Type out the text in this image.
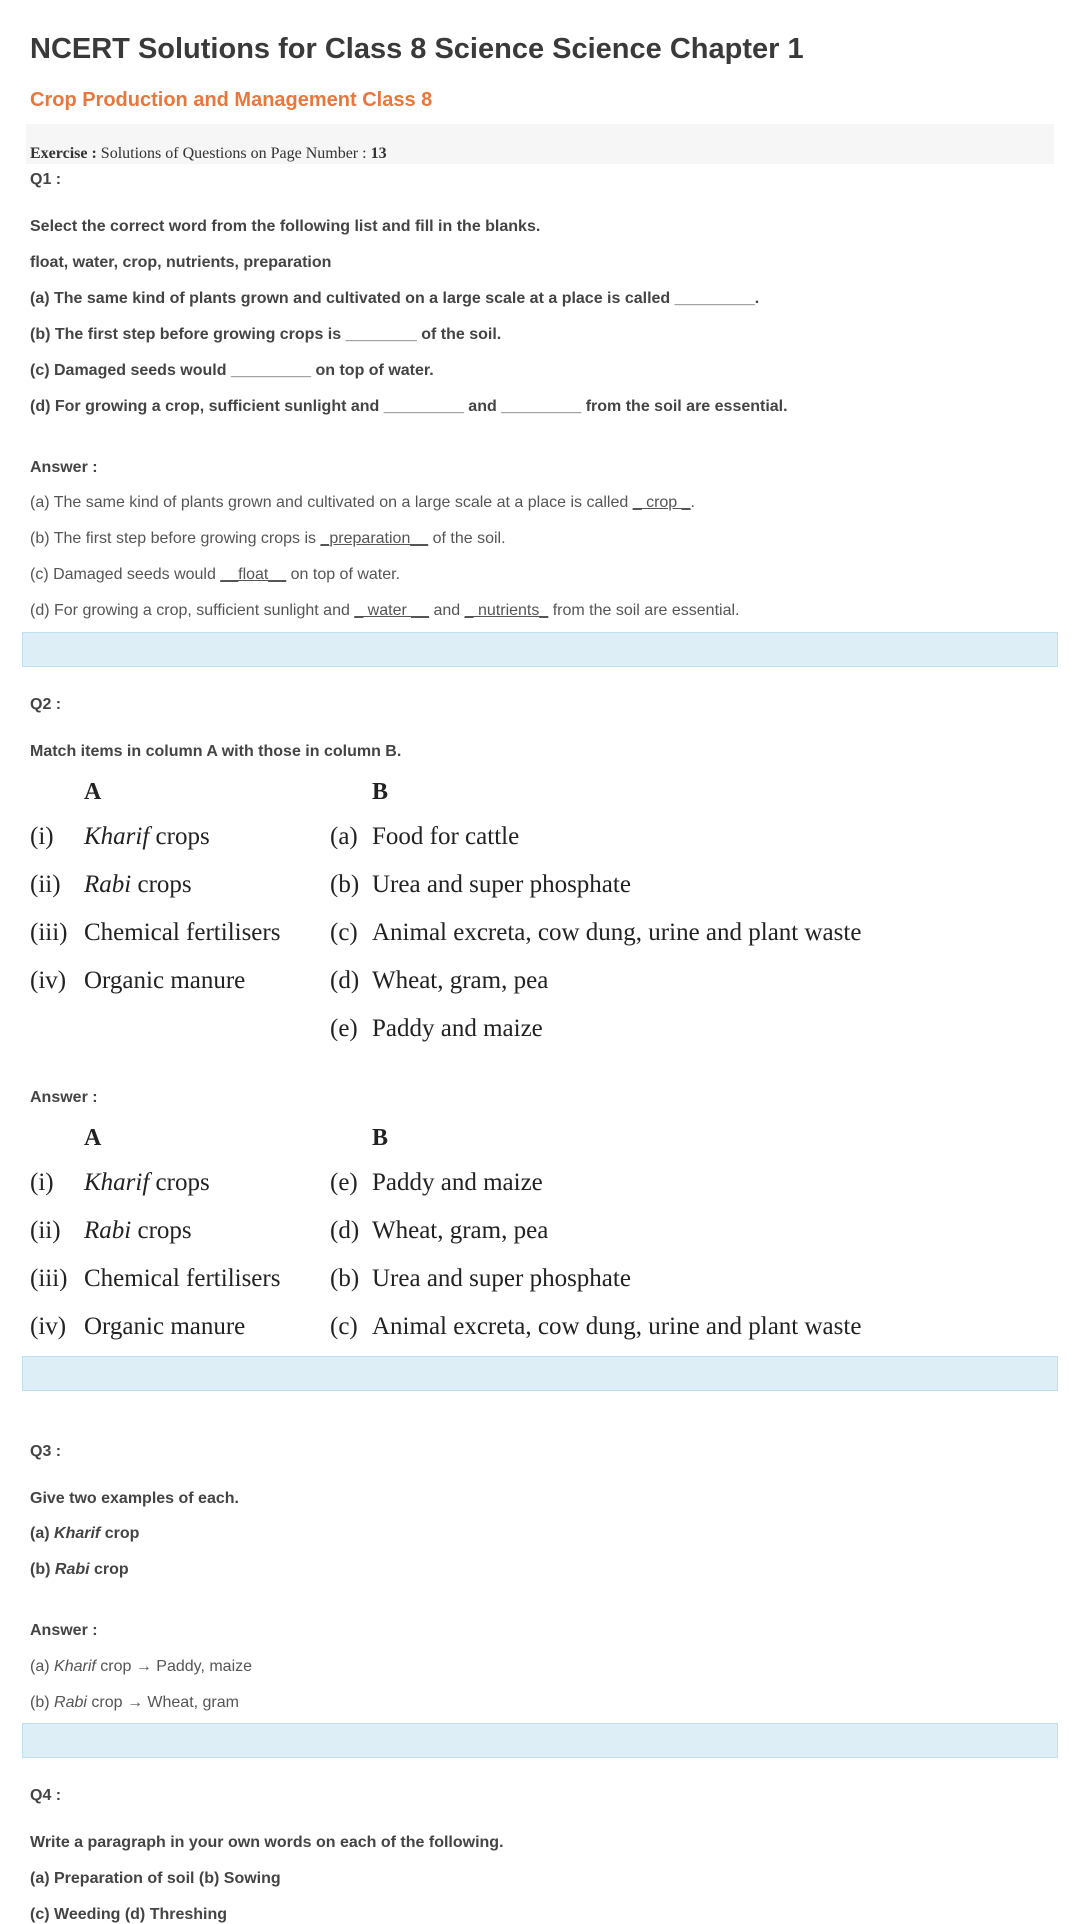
NCERT Solutions for Class 8 Science Science Chapter 1
Crop Production and Management Class 8
Exercise : Solutions of Questions on Page Number : 13
Q1 :
Select the correct word from the following list and fill in the blanks.
float, water, crop, nutrients, preparation
(a) The same kind of plants grown and cultivated on a large scale at a place is called _________.
(b) The first step before growing crops is ________ of the soil.
(c) Damaged seeds would _________ on top of water.
(d) For growing a crop, sufficient sunlight and _________ and _________ from the soil are essential.
Answer :
(a) The same kind of plants grown and cultivated on a large scale at a place is called _ crop _.
(b) The first step before growing crops is _preparation__ of the soil.
(c) Damaged seeds would __float__ on top of water.
(d) For growing a crop, sufficient sunlight and _ water __ and _ nutrients_ from the soil are essential.
Q2 :
Match items in column A with those in column B.
A	B
(i) Kharif crops	(a) Food for cattle
(ii) Rabi crops	(b) Urea and super phosphate
(iii) Chemical fertilisers (c) Animal excreta, cow dung, urine and plant waste
(iv) Organic manure	(d) Wheat, gram, pea
(e) Paddy and maize
Answer :
A	B
(i) Kharif crops	(e) Paddy and maize
(ii) Rabi crops	(d) Wheat, gram, pea
(iii) Chemical fertilisers (b) Urea and super phosphate
(iv) Organic manure	(c) Animal excreta, cow dung, urine and plant waste
Q3 :
Give two examples of each.
(a) Kharif crop
(b) Rabi crop
Answer :
(a) Kharif crop → Paddy, maize
(b) Rabi crop → Wheat, gram
Q4 :
Write a paragraph in your own words on each of the following.
(a) Preparation of soil (b) Sowing
(c) Weeding (d) Threshing
